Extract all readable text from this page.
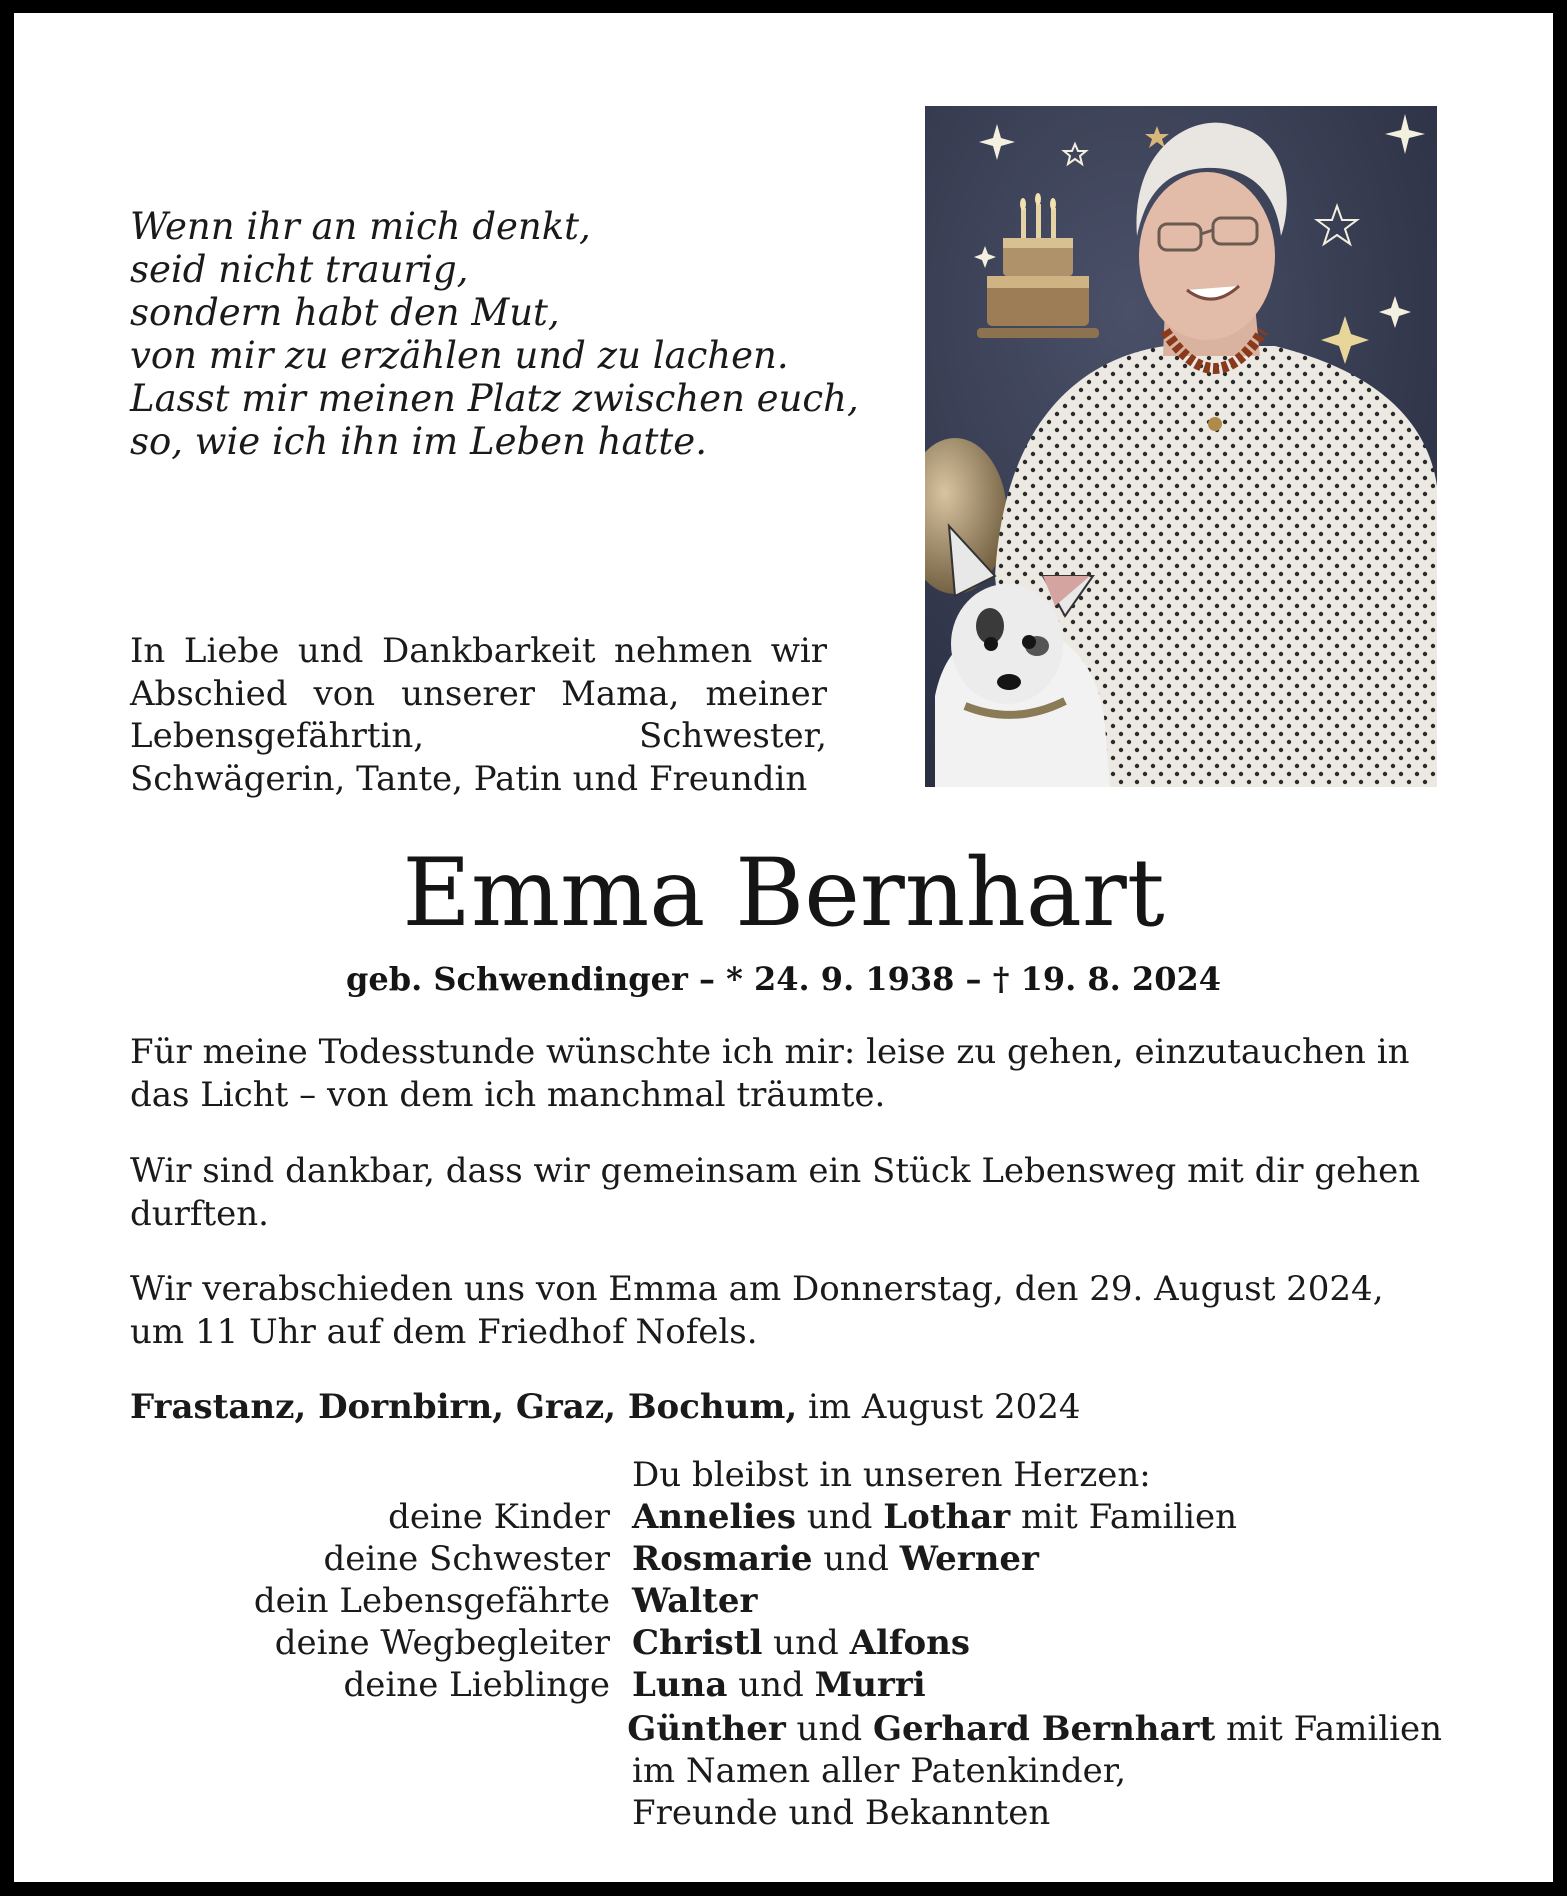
Wenn ihr an mich denkt,
seid nicht traurig,
sondern habt den Mut,
von mir zu erzählen und zu lachen.
Lasst mir meinen Platz zwischen euch,
so, wie ich ihn im Leben hatte.
In Liebe und Dankbarkeit nehmen wir Abschied von unserer Mama, meiner Lebensgefährtin, Schwester, Schwägerin, Tante, Patin und Freundin
Emma Bernhart
geb. Schwendinger – * 24. 9. 1938 – † 19. 8. 2024
Für meine Todesstunde wünschte ich mir: leise zu gehen, einzutauchen in das Licht – von dem ich manchmal träumte.
Wir sind dankbar, dass wir gemeinsam ein Stück Lebensweg mit dir gehen durften.
Wir verabschieden uns von Emma am Donnerstag, den 29. August 2024, um 11 Uhr auf dem Friedhof Nofels.
Frastanz, Dornbirn, Graz, Bochum, im August 2024
Du bleibst in unseren Herzen:
deine Kinder Annelies und Lothar mit Familien
deine Schwester Rosmarie und Werner
dein Lebensgefährte Walter
deine Wegbegleiter Christl und Alfons
deine Lieblinge Luna und Murri
Günther und Gerhard Bernhart mit Familien
im Namen aller Patenkinder,
Freunde und Bekannten
